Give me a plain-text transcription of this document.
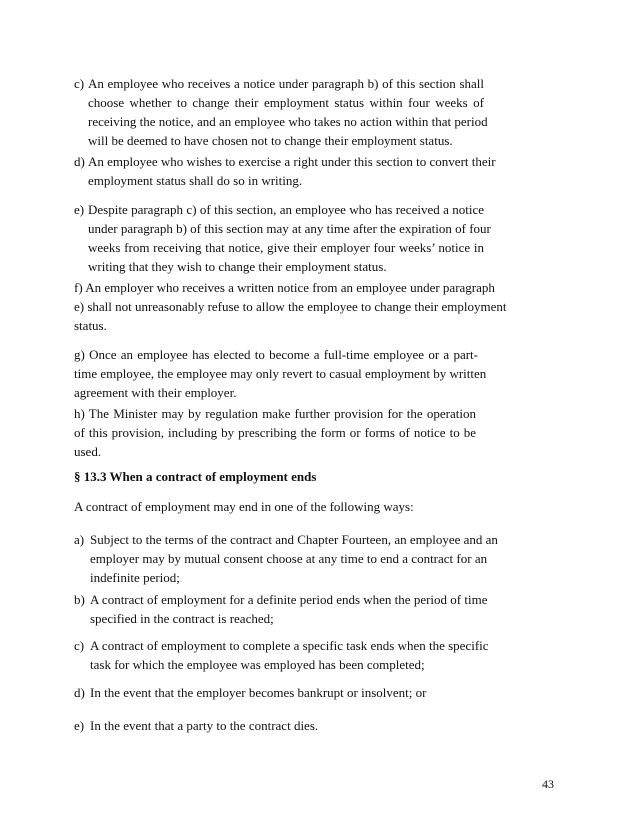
c) An employee who receives a notice under paragraph b) of this section shall
choose whether to change their employment status within four weeks of
receiving the notice, and an employee who takes no action within that period
will be deemed to have chosen not to change their employment status.
d) An employee who wishes to exercise a right under this section to convert their
employment status shall do so in writing.
e) Despite paragraph c) of this section, an employee who has received a notice
under paragraph b) of this section may at any time after the expiration of four
weeks from receiving that notice, give their employer four weeks’ notice in
writing that they wish to change their employment status.
f) An employer who receives a written notice from an employee under paragraph
e) shall not unreasonably refuse to allow the employee to change their employment
status.
g) Once an employee has elected to become a full-time employee or a part-
time employee, the employee may only revert to casual employment by written
agreement with their employer.
h) The Minister may by regulation make further provision for the operation
of this provision, including by prescribing the form or forms of notice to be
used.
§ 13.3 When a contract of employment ends
A contract of employment may end in one of the following ways:
a) Subject to the terms of the contract and Chapter Fourteen, an employee and an
employer may by mutual consent choose at any time to end a contract for an
indefinite period;
b) A contract of employment for a definite period ends when the period of time
specified in the contract is reached;
c) A contract of employment to complete a specific task ends when the specific
task for which the employee was employed has been completed;
d) In the event that the employer becomes bankrupt or insolvent; or
e) In the event that a party to the contract dies.
43
